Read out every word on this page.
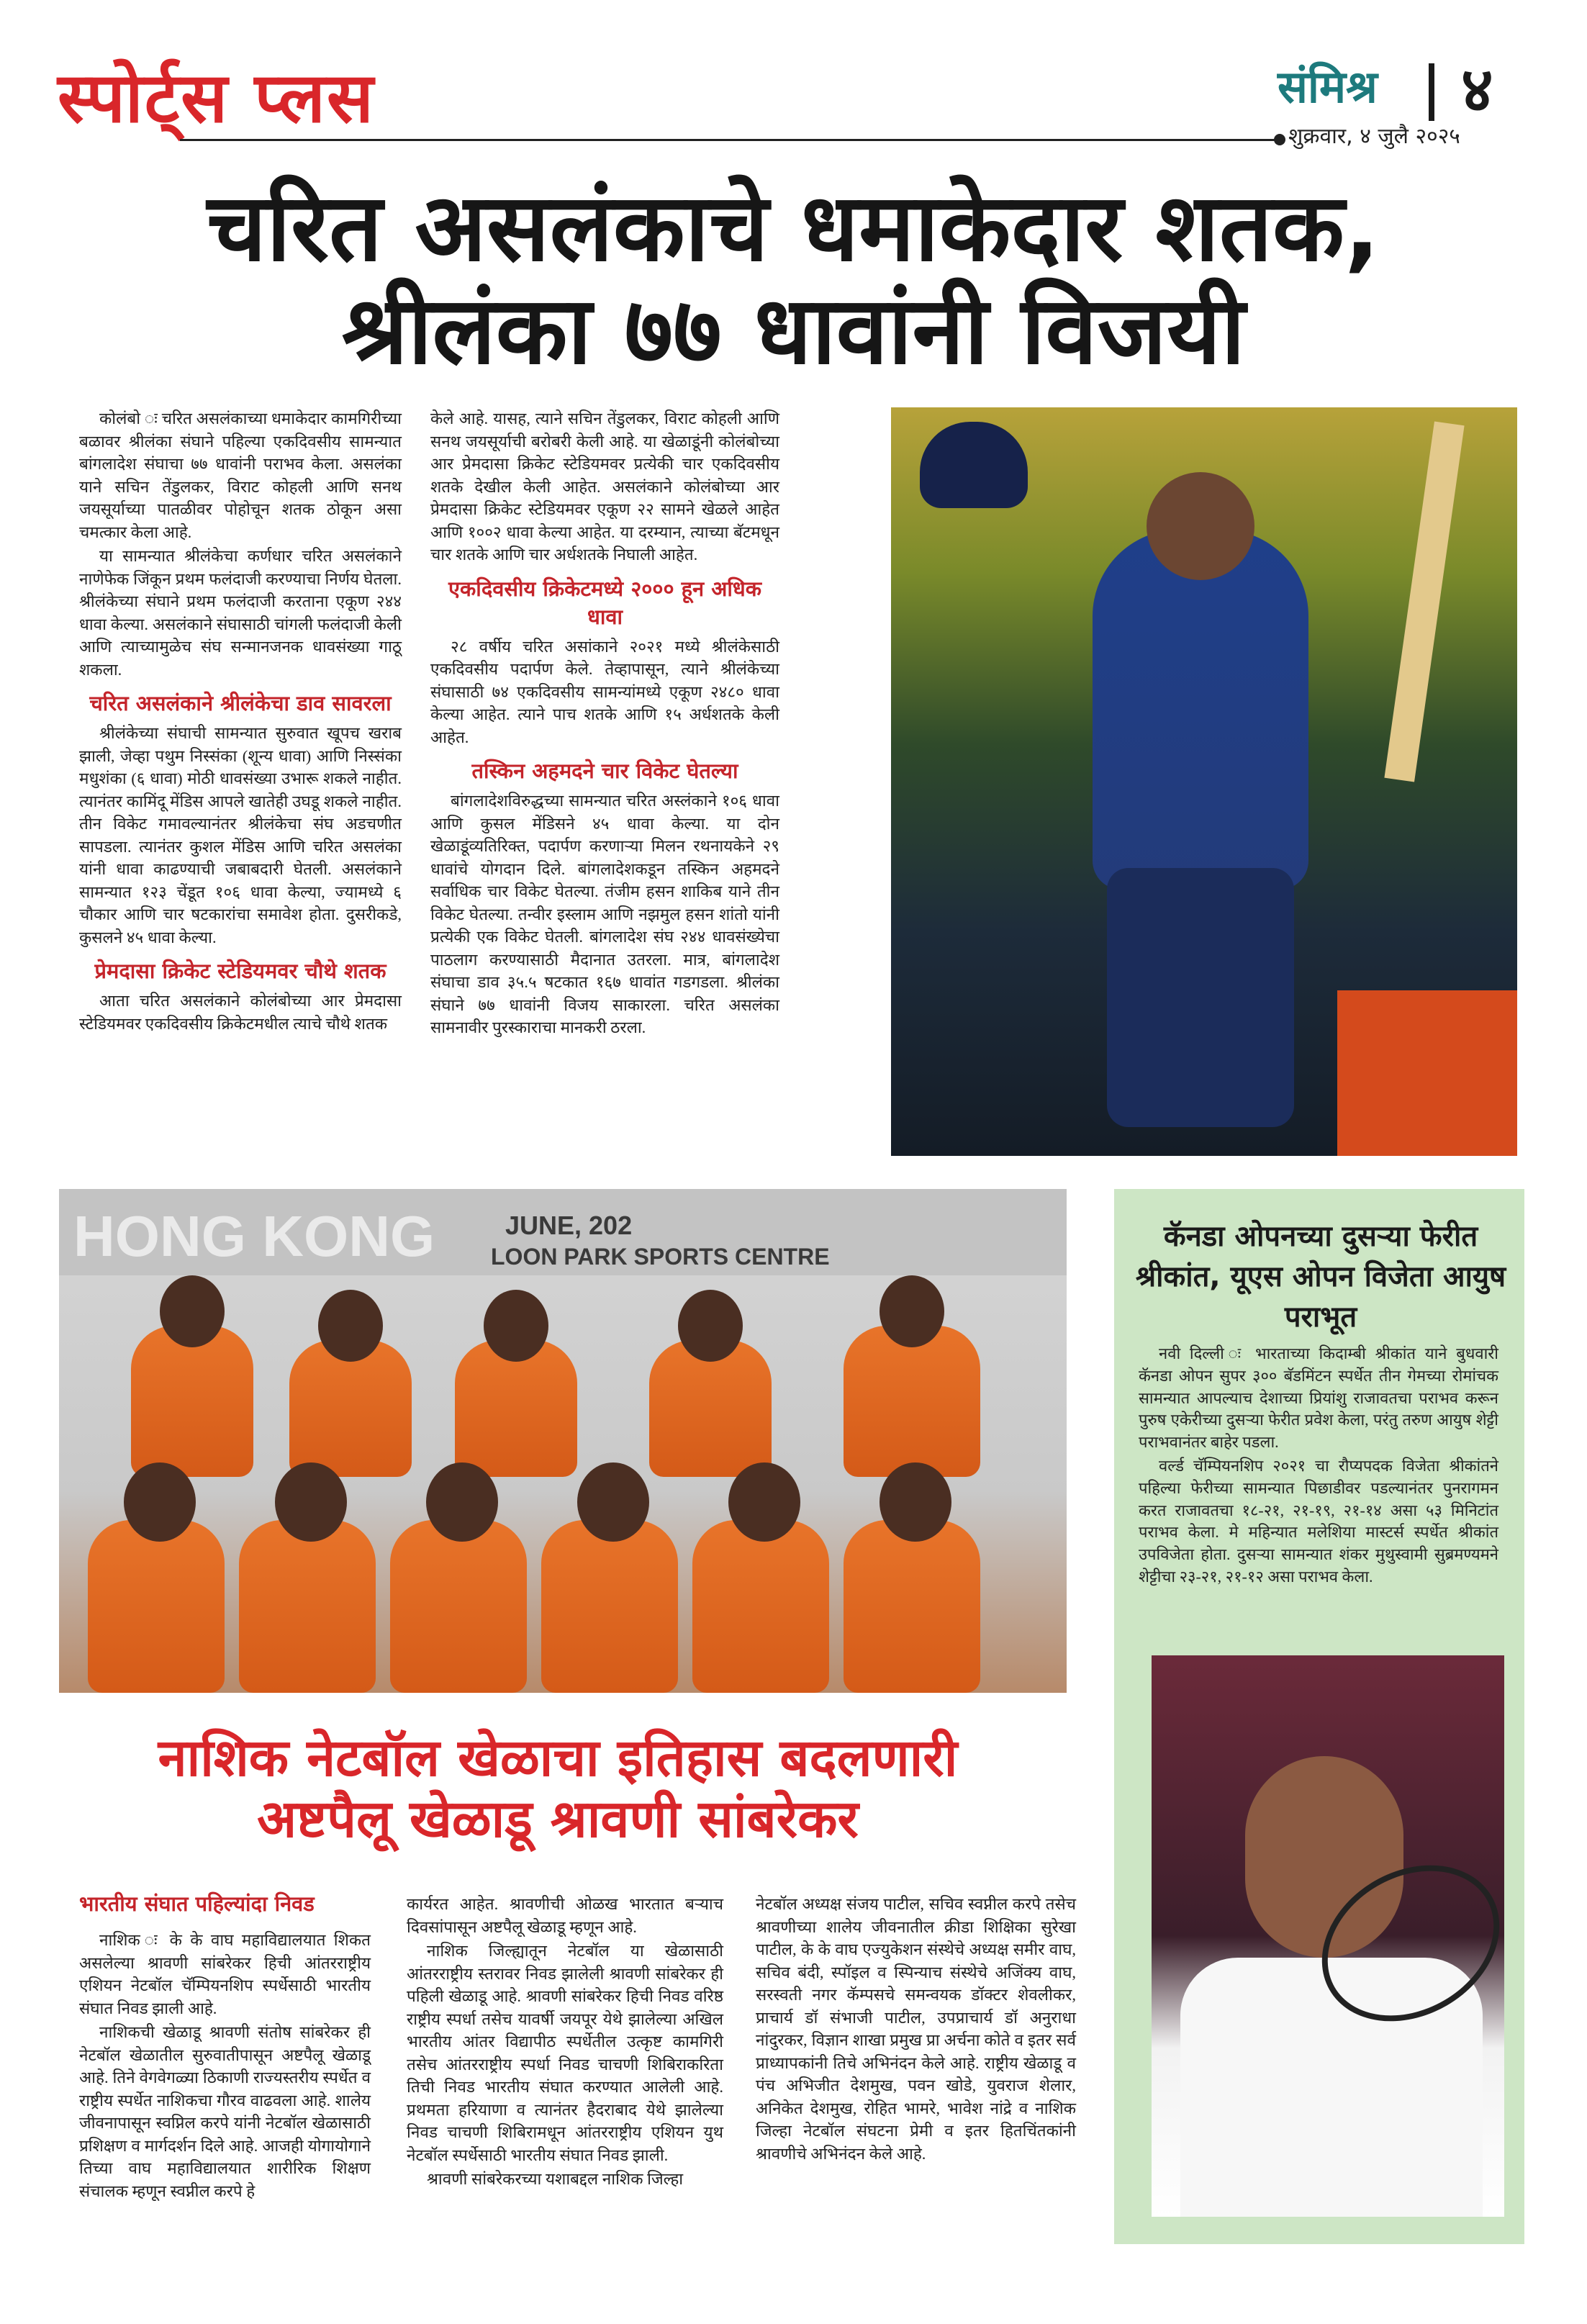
स्पोर्ट्स प्लस	संमिश्र ४
शुक्रवार, ४ जुलै २०२५
चरित असलंकाचे धमाकेदार शतक,
श्रीलंका ७७ धावांनी विजयी

कोलंबो ः चरित असलंकाच्या धमाकेदार कामगिरीच्या बळावर श्रीलंका संघाने पहिल्या एकदिवसीय सामन्यात बांगलादेश संघाचा ७७ धावांनी पराभव केला. असलंका याने सचिन तेंडुलकर, विराट कोहली आणि सनथ जयसूर्याच्या पातळीवर पोहोचून शतक ठोकून असा चमत्कार केला आहे.

या सामन्यात श्रीलंकेचा कर्णधार चरित असलंकाने नाणेफेक जिंकून प्रथम फलंदाजी करण्याचा निर्णय घेतला. श्रीलंकेच्या संघाने प्रथम फलंदाजी करताना एकूण २४४ धावा केल्या. असलंकाने संघासाठी चांगली फलंदाजी केली आणि त्याच्यामुळेच संघ सन्मानजनक धावसंख्या गाठू शकला.

चरित असलंकाने श्रीलंकेचा डाव सावरला

श्रीलंकेच्या संघाची सामन्यात सुरुवात खूपच खराब झाली, जेव्हा पथुम निस्संका (शून्य धावा) आणि निस्संका मधुशंका (६ धावा) मोठी धावसंख्या उभारू शकले नाहीत. त्यानंतर कामिंदू मेंडिस आपले खातेही उघडू शकले नाहीत. तीन विकेट गमावल्यानंतर श्रीलंकेचा संघ अडचणीत सापडला. त्यानंतर कुशल मेंडिस आणि चरित असलंका यांनी धावा काढण्याची जबाबदारी घेतली. असलंकाने सामन्यात १२३ चेंडूत १०६ धावा केल्या, ज्यामध्ये ६ चौकार आणि चार षटकारांचा समावेश होता. दुसरीकडे, कुसलने ४५ धावा केल्या.

प्रेमदासा क्रिकेट स्टेडियमवर चौथे शतक

आता चरित असलंकाने कोलंबोच्या आर प्रेमदासा स्टेडियमवर एकदिवसीय क्रिकेटमधील त्याचे चौथे शतक

केले आहे. यासह, त्याने सचिन तेंडुलकर, विराट कोहली आणि सनथ जयसूर्याची बरोबरी केली आहे. या खेळाडूंनी कोलंबोच्या आर प्रेमदासा क्रिकेट स्टेडियमवर प्रत्येकी चार एकदिवसीय शतके देखील केली आहेत. असलंकाने कोलंबोच्या आर प्रेमदासा क्रिकेट स्टेडियमवर एकूण २२ सामने खेळले आहेत आणि १००२ धावा केल्या आहेत. या दरम्यान, त्याच्या बॅटमधून चार शतके आणि चार अर्धशतके निघाली आहेत.

एकदिवसीय क्रिकेटमध्ये २००० हून अधिक धावा

२८ वर्षीय चरित असांकाने २०२१ मध्ये श्रीलंकेसाठी एकदिवसीय पदार्पण केले. तेव्हापासून, त्याने श्रीलंकेच्या संघासाठी ७४ एकदिवसीय सामन्यांमध्ये एकूण २४८० धावा केल्या आहेत. त्याने पाच शतके आणि १५ अर्धशतके केली आहेत.

तस्किन अहमदने चार विकेट घेतल्या

बांगलादेशविरुद्धच्या सामन्यात चरित अस्लंकाने १०६ धावा आणि कुसल मेंडिसने ४५ धावा केल्या. या दोन खेळाडूंव्यतिरिक्त, पदार्पण करणाऱ्या मिलन रथनायकेने २९ धावांचे योगदान दिले. बांगलादेशकडून तस्किन अहमदने सर्वाधिक चार विकेट घेतल्या. तंजीम हसन शाकिब याने तीन विकेट घेतल्या. तन्वीर इस्लाम आणि नझमुल हसन शांतो यांनी प्रत्येकी एक विकेट घेतली. बांगलादेश संघ २४४ धावसंख्येचा पाठलाग करण्यासाठी मैदानात उतरला. मात्र, बांगलादेश संघाचा डाव ३५.५ षटकात १६७ धावांत गडगडला. श्रीलंका संघाने ७७ धावांनी विजय साकारला. चरित असलंका सामनावीर पुरस्काराचा मानकरी ठरला.

HONG KONG	JUNE, 202
LOON PARK SPORTS CENTRE
कॅनडा ओपनच्या दुसऱ्या फेरीत श्रीकांत, यूएस ओपन विजेता आयुष पराभूत

नवी दिल्ली ः भारताच्या किदाम्बी श्रीकांत याने बुधवारी कॅनडा ओपन सुपर ३०० बॅडमिंटन स्पर्धेत तीन गेमच्या रोमांचक सामन्यात आपल्याच देशाच्या प्रियांशु राजावतचा पराभव करून पुरुष एकेरीच्या दुसऱ्या फेरीत प्रवेश केला, परंतु तरुण आयुष शेट्टी पराभवानंतर बाहेर पडला.

वर्ल्ड चॅम्पियनशिप २०२१ चा रौप्यपदक विजेता श्रीकांतने पहिल्या फेरीच्या सामन्यात पिछाडीवर पडल्यानंतर पुनरागमन करत राजावतचा १८-२१, २१-१९, २१-१४ असा ५३ मिनिटांत पराभव केला. मे महिन्यात मलेशिया मास्टर्स स्पर्धेत श्रीकांत उपविजेता होता. दुसऱ्या सामन्यात शंकर मुथुस्वामी सुब्रमण्यमने शेट्टीचा २३-२१, २१-१२ असा पराभव केला.

नाशिक नेटबॉल खेळाचा इतिहास बदलणारी
अष्टपैलू खेळाडू श्रावणी सांबरेकर
भारतीय संघात पहिल्यांदा निवड

नाशिक ः के के वाघ महाविद्यालयात शिकत असलेल्या श्रावणी सांबरेकर हिची आंतरराष्ट्रीय एशियन नेटबॉल चॅम्पियनशिप स्पर्धेसाठी भारतीय संघात निवड झाली आहे.

नाशिकची खेळाडू श्रावणी संतोष सांबरेकर ही नेटबॉल खेळातील सुरुवातीपासून अष्टपैलू खेळाडू आहे. तिने वेगवेगळ्या ठिकाणी राज्यस्तरीय स्पर्धेत व राष्ट्रीय स्पर्धेत नाशिकचा गौरव वाढवला आहे. शालेय जीवनापासून स्वप्निल करपे यांनी नेटबॉल खेळासाठी प्रशिक्षण व मार्गदर्शन दिले आहे. आजही योगायोगाने तिच्या वाघ महाविद्यालयात शारीरिक शिक्षण संचालक म्हणून स्वप्नील करपे हे

कार्यरत आहेत. श्रावणीची ओळख भारतात बऱ्याच दिवसांपासून अष्टपैलू खेळाडू म्हणून आहे.

नाशिक जिल्ह्यातून नेटबॉल या खेळासाठी आंतरराष्ट्रीय स्तरावर निवड झालेली श्रावणी सांबरेकर ही पहिली खेळाडू आहे. श्रावणी सांबरेकर हिची निवड वरिष्ठ राष्ट्रीय स्पर्धा तसेच यावर्षी जयपूर येथे झालेल्या अखिल भारतीय आंतर विद्यापीठ स्पर्धेतील उत्कृष्ट कामगिरी तसेच आंतरराष्ट्रीय स्पर्धा निवड चाचणी शिबिराकरिता तिची निवड भारतीय संघात करण्यात आलेली आहे. प्रथमता हरियाणा व त्यानंतर हैदराबाद येथे झालेल्या निवड चाचणी शिबिरामधून आंतरराष्ट्रीय एशियन युथ नेटबॉल स्पर्धेसाठी भारतीय संघात निवड झाली.

श्रावणी सांबरेकरच्या यशाबद्दल नाशिक जिल्हा

नेटबॉल अध्यक्ष संजय पाटील, सचिव स्वप्नील करपे तसेच श्रावणीच्या शालेय जीवनातील क्रीडा शिक्षिका सुरेखा पाटील, के के वाघ एज्युकेशन संस्थेचे अध्यक्ष समीर वाघ, सचिव बंदी, स्पॉइल व स्पिन्याच संस्थेचे अजिंक्य वाघ, सरस्वती नगर कॅम्पसचे समन्वयक डॉक्टर शेवलीकर, प्राचार्य डॉ संभाजी पाटील, उपप्राचार्य डॉ अनुराधा नांदुरकर, विज्ञान शाखा प्रमुख प्रा अर्चना कोते व इतर सर्व प्राध्यापकांनी तिचे अभिनंदन केले आहे. राष्ट्रीय खेळाडू व पंच अभिजीत देशमुख, पवन खोडे, युवराज शेलार, अनिकेत देशमुख, रोहित भामरे, भावेश नांद्रे व नाशिक जिल्हा नेटबॉल संघटना प्रेमी व इतर हितचिंतकांनी श्रावणीचे अभिनंदन केले आहे.
